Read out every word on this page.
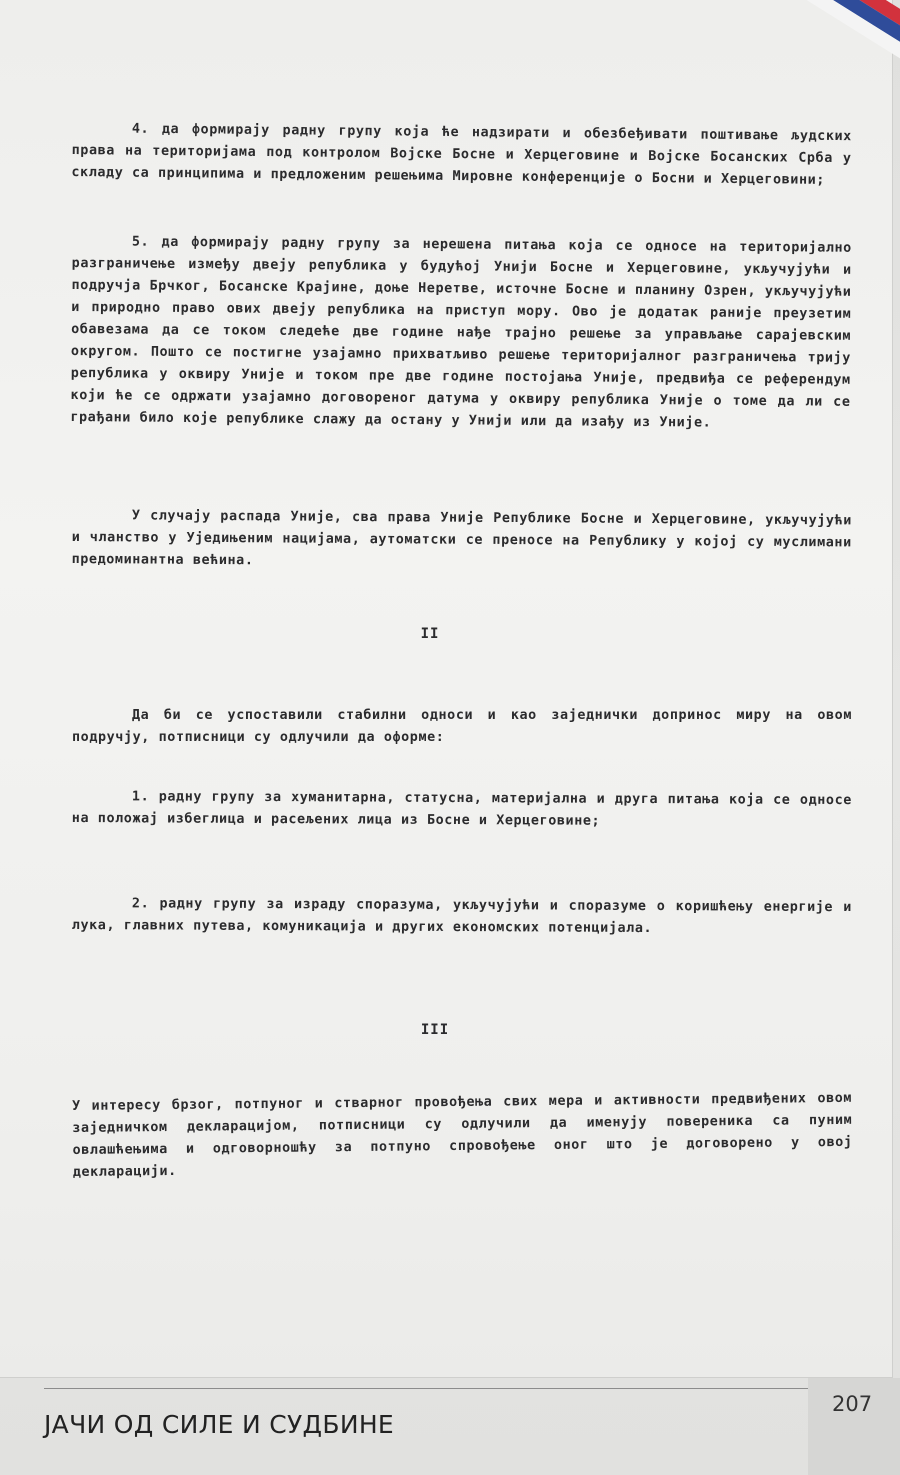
4. да формирају радну групу која ће надзирати и обезбеђивати поштивање људских права на територијама под контролом Војске Босне и Херцеговине и Војске Босанских Срба у складу са принципима и предложеним решењима Мировне конференције о Босни и Херцеговини;

5. да формирају радну групу за нерешена питања која се односе на територијално разграничење између двеју република у будућој Унији Босне и Херцеговине, укључујући и подручја Брчког, Босанске Крајине, доње Неретве, источне Босне и планину Озрен, укључујући и природно право ових двеју република на приступ мору. Ово је додатак раније преузетим обавезама да се током следеће две године нађе трајно решење за управљање сарајевским округом. Пошто се постигне узајамно прихватљиво решење територијалног разграничења трију република у оквиру Уније и током пре две године постојања Уније, предвиђа се референдум који ће се одржати узајамно договореног датума у оквиру република Уније о томе да ли се грађани било које републике слажу да остану у Унији или да изађу из Уније.

У случају распада Уније, сва права Уније Републике Босне и Херцеговине, укључујући и чланство у Уједињеним нацијама, аутоматски се преносе на Републику у којој су муслимани предоминантна већина.

II

Да би се успоставили стабилни односи и као заједнички допринос миру на овом подручју, потписници су одлучили да оформе:

1. радну групу за хуманитарна, статусна, материјална и друга питања која се односе на положај избеглица и расељених лица из Босне и Херцеговине;

2. радну групу за израду споразума, укључујући и споразуме о коришћењу енергије и лука, главних путева, комуникација и других економских потенцијала.

III

У интересу брзог, потпуног и стварног провођења свих мера и активности предвиђених овом заједничком декларацијом, потписници су одлучили да именују повереника са пуним овлашћењима и одговорношћу за потпуно спровођење оног што је договорено у овој декларацији.

ЈАЧИ ОД СИЛЕ И СУДБИНЕ
207
